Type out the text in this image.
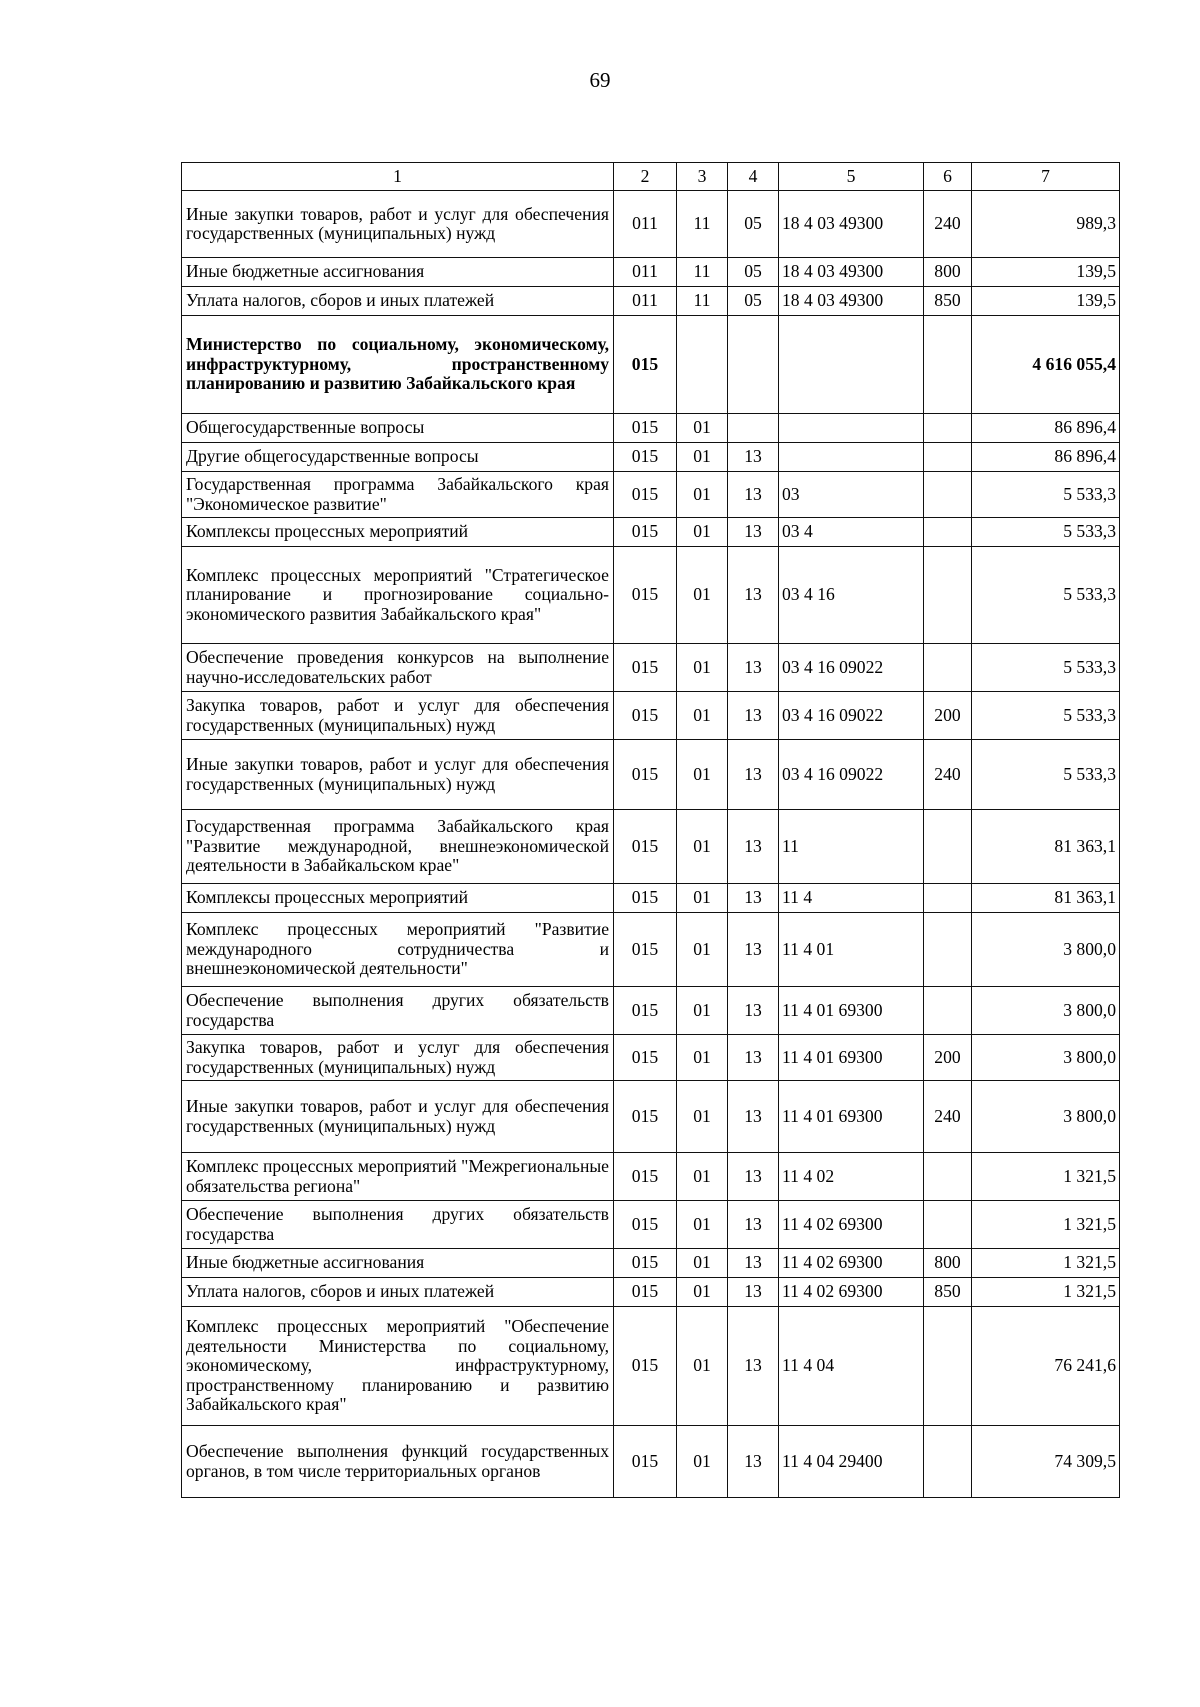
69
1	2	3	4	5	6	7
Иные закупки товаров, работ и услуг для обеспечения государственных (муниципальных) нужд	011	11	05	18 4 03 49300	240	989,3
Иные бюджетные ассигнования	011	11	05	18 4 03 49300	800	139,5
Уплата налогов, сборов и иных платежей	011	11	05	18 4 03 49300	850	139,5
Министерство по социальному, экономическому, инфраструктурному, пространственному планированию и развитию Забайкальского края	015					4 616 055,4
Общегосударственные вопросы	015	01				86 896,4
Другие общегосударственные вопросы	015	01	13			86 896,4
Государственная программа Забайкальского края "Экономическое развитие"	015	01	13	03		5 533,3
Комплексы процессных мероприятий	015	01	13	03 4		5 533,3
Комплекс процессных мероприятий "Стратегическое планирование и прогнозирование социально-экономического развития Забайкальского края"	015	01	13	03 4 16		5 533,3
Обеспечение проведения конкурсов на выполнение научно-исследовательских работ	015	01	13	03 4 16 09022		5 533,3
Закупка товаров, работ и услуг для обеспечения государственных (муниципальных) нужд	015	01	13	03 4 16 09022	200	5 533,3
Иные закупки товаров, работ и услуг для обеспечения государственных (муниципальных) нужд	015	01	13	03 4 16 09022	240	5 533,3
Государственная программа Забайкальского края "Развитие международной, внешнеэкономической деятельности в Забайкальском крае"	015	01	13	11		81 363,1
Комплексы процессных мероприятий	015	01	13	11 4		81 363,1
Комплекс процессных мероприятий "Развитие международного сотрудничества и внешнеэкономической деятельности"	015	01	13	11 4 01		3 800,0
Обеспечение выполнения других обязательств государства	015	01	13	11 4 01 69300		3 800,0
Закупка товаров, работ и услуг для обеспечения государственных (муниципальных) нужд	015	01	13	11 4 01 69300	200	3 800,0
Иные закупки товаров, работ и услуг для обеспечения государственных (муниципальных) нужд	015	01	13	11 4 01 69300	240	3 800,0
Комплекс процессных мероприятий "Межрегиональные обязательства региона"	015	01	13	11 4 02		1 321,5
Обеспечение выполнения других обязательств государства	015	01	13	11 4 02 69300		1 321,5
Иные бюджетные ассигнования	015	01	13	11 4 02 69300	800	1 321,5
Уплата налогов, сборов и иных платежей	015	01	13	11 4 02 69300	850	1 321,5
Комплекс процессных мероприятий "Обеспечение деятельности Министерства по социальному, экономическому, инфраструктурному, пространственному планированию и развитию Забайкальского края"	015	01	13	11 4 04		76 241,6
Обеспечение выполнения функций государственных органов, в том числе территориальных органов	015	01	13	11 4 04 29400		74 309,5
